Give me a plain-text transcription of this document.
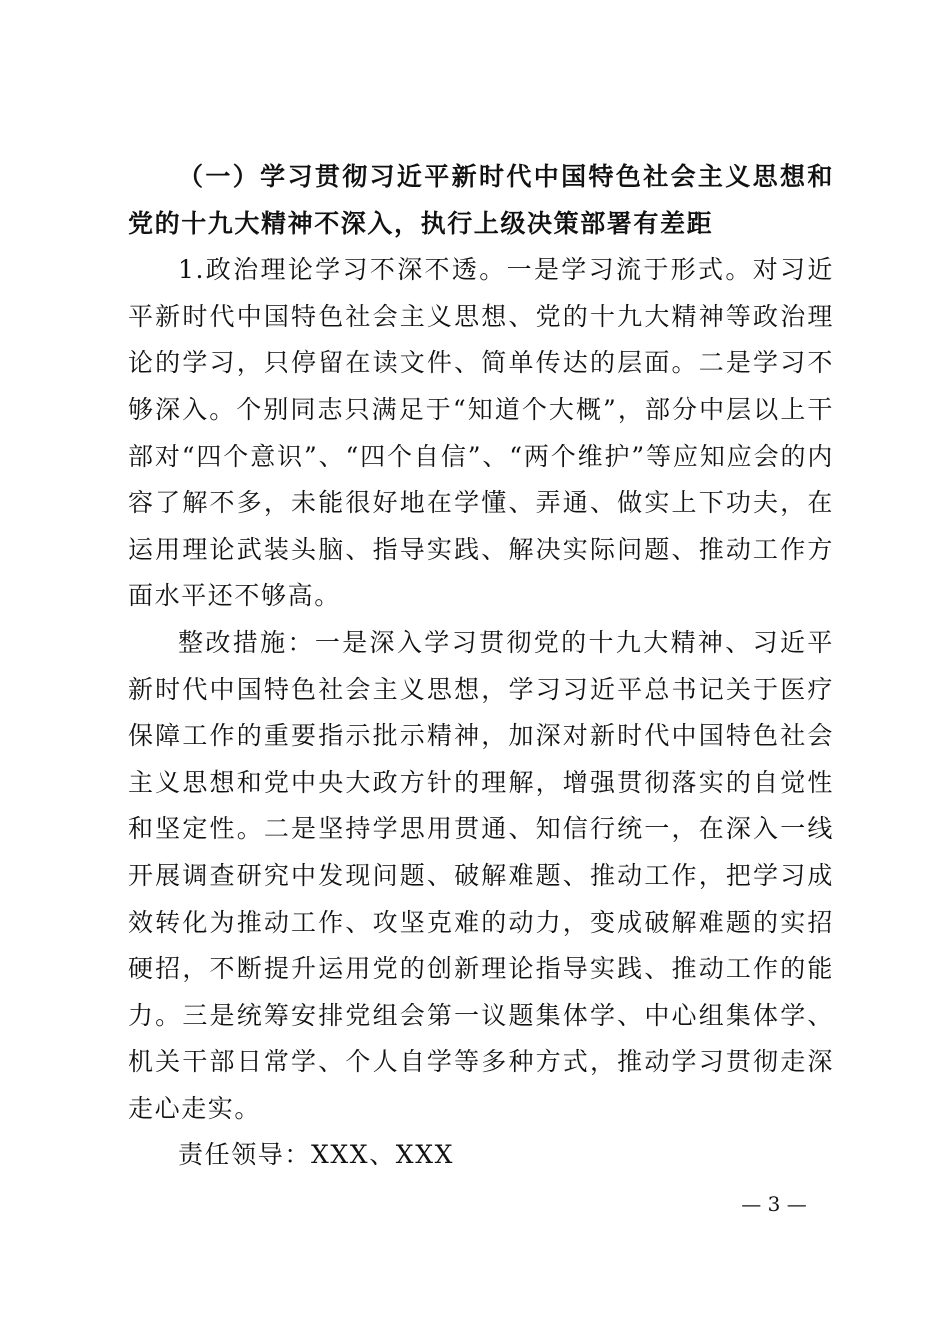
（一）学习贯彻习近平新时代中国特色社会主义思想和党的十九大精神不深入，执行上级决策部署有差距

1.政治理论学习不深不透。一是学习流于形式。对习近平新时代中国特色社会主义思想、党的十九大精神等政治理论的学习，只停留在读文件、简单传达的层面。二是学习不够深入。个别同志只满足于“知道个大概”，部分中层以上干部对“四个意识”、“四个自信”、“两个维护”等应知应会的内容了解不多，未能很好地在学懂、弄通、做实上下功夫，在运用理论武装头脑、指导实践、解决实际问题、推动工作方面水平还不够高。

整改措施：一是深入学习贯彻党的十九大精神、习近平新时代中国特色社会主义思想，学习习近平总书记关于医疗保障工作的重要指示批示精神，加深对新时代中国特色社会主义思想和党中央大政方针的理解，增强贯彻落实的自觉性和坚定性。二是坚持学思用贯通、知信行统一，在深入一线开展调查研究中发现问题、破解难题、推动工作，把学习成效转化为推动工作、攻坚克难的动力，变成破解难题的实招硬招，不断提升运用党的创新理论指导实践、推动工作的能力。三是统筹安排党组会第一议题集体学、中心组集体学、机关干部日常学、个人自学等多种方式，推动学习贯彻走深走心走实。

责任领导：XXX、XXX

— 3 —
